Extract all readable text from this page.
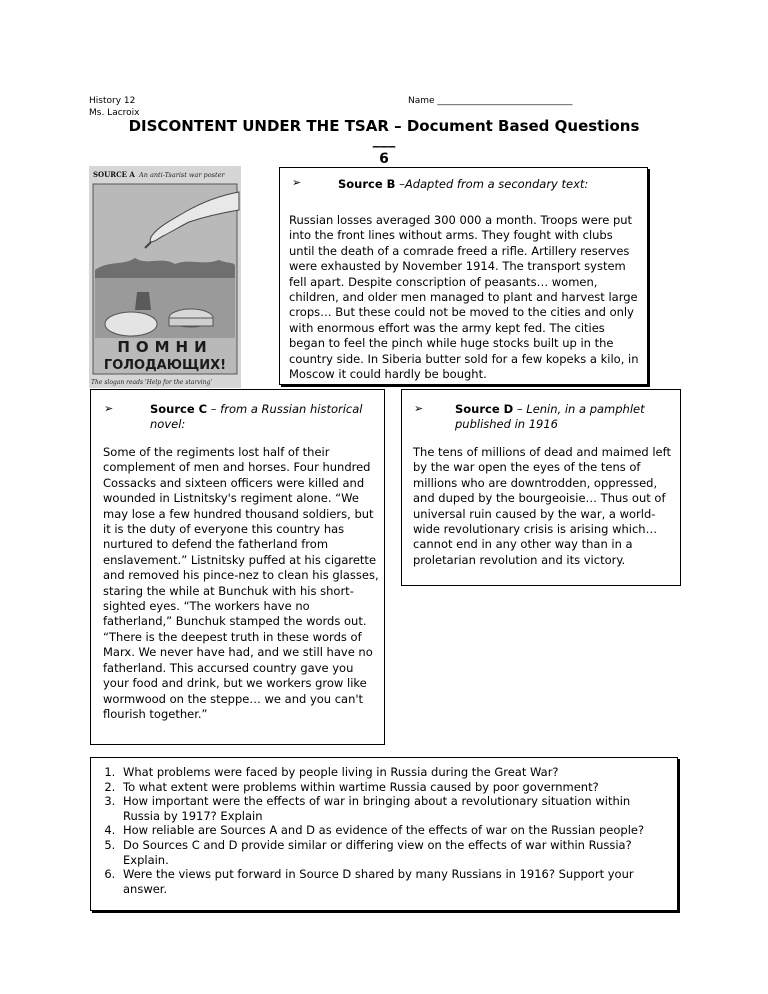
History 12
Ms. Lacroix
Name ______________________________
DISCONTENT UNDER THE TSAR – Document Based Questions
___
6
SOURCE A An anti-Tsarist war poster
ПОМНИ
ГОЛОДАЮЩИХ!
The slogan reads 'Help for the starving'
➢	Source B –Adapted from a secondary text:
Russian losses averaged 300 000 a month. Troops were put into the front lines without arms. They fought with clubs until the death of a comrade freed a rifle. Artillery reserves were exhausted by November 1914. The transport system fell apart. Despite conscription of peasants… women, children, and older men managed to plant and harvest large crops… But these could not be moved to the cities and only with enormous effort was the army kept fed. The cities began to feel the pinch while huge stocks built up in the country side. In Siberia butter sold for a few kopeks a kilo, in Moscow it could hardly be bought.
➢	Source C – from a Russian historical novel:
Some of the regiments lost half of their complement of men and horses. Four hundred Cossacks and sixteen officers were killed and wounded in Listnitsky's regiment alone. “We may lose a few hundred thousand soldiers, but it is the duty of everyone this country has nurtured to defend the fatherland from enslavement.” Listnitsky puffed at his cigarette and removed his pince-nez to clean his glasses, staring the while at Bunchuk with his short-sighted eyes. “The workers have no fatherland,” Bunchuk stamped the words out. “There is the deepest truth in these words of Marx. We never have had, and we still have no fatherland. This accursed country gave you your food and drink, but we workers grow like wormwood on the steppe… we and you can't flourish together.”
➢	Source D – Lenin, in a pamphlet published in 1916
The tens of millions of dead and maimed left by the war open the eyes of the tens of millions who are downtrodden, oppressed, and duped by the bourgeoisie… Thus out of universal ruin caused by the war, a world-wide revolutionary crisis is arising which… cannot end in any other way than in a proletarian revolution and its victory.
1. What problems were faced by people living in Russia during the Great War?
2. To what extent were problems within wartime Russia caused by poor government?
3. How important were the effects of war in bringing about a revolutionary situation within Russia by 1917? Explain
4. How reliable are Sources A and D as evidence of the effects of war on the Russian people?
5. Do Sources C and D provide similar or differing view on the effects of war within Russia? Explain.
6. Were the views put forward in Source D shared by many Russians in 1916? Support your answer.
